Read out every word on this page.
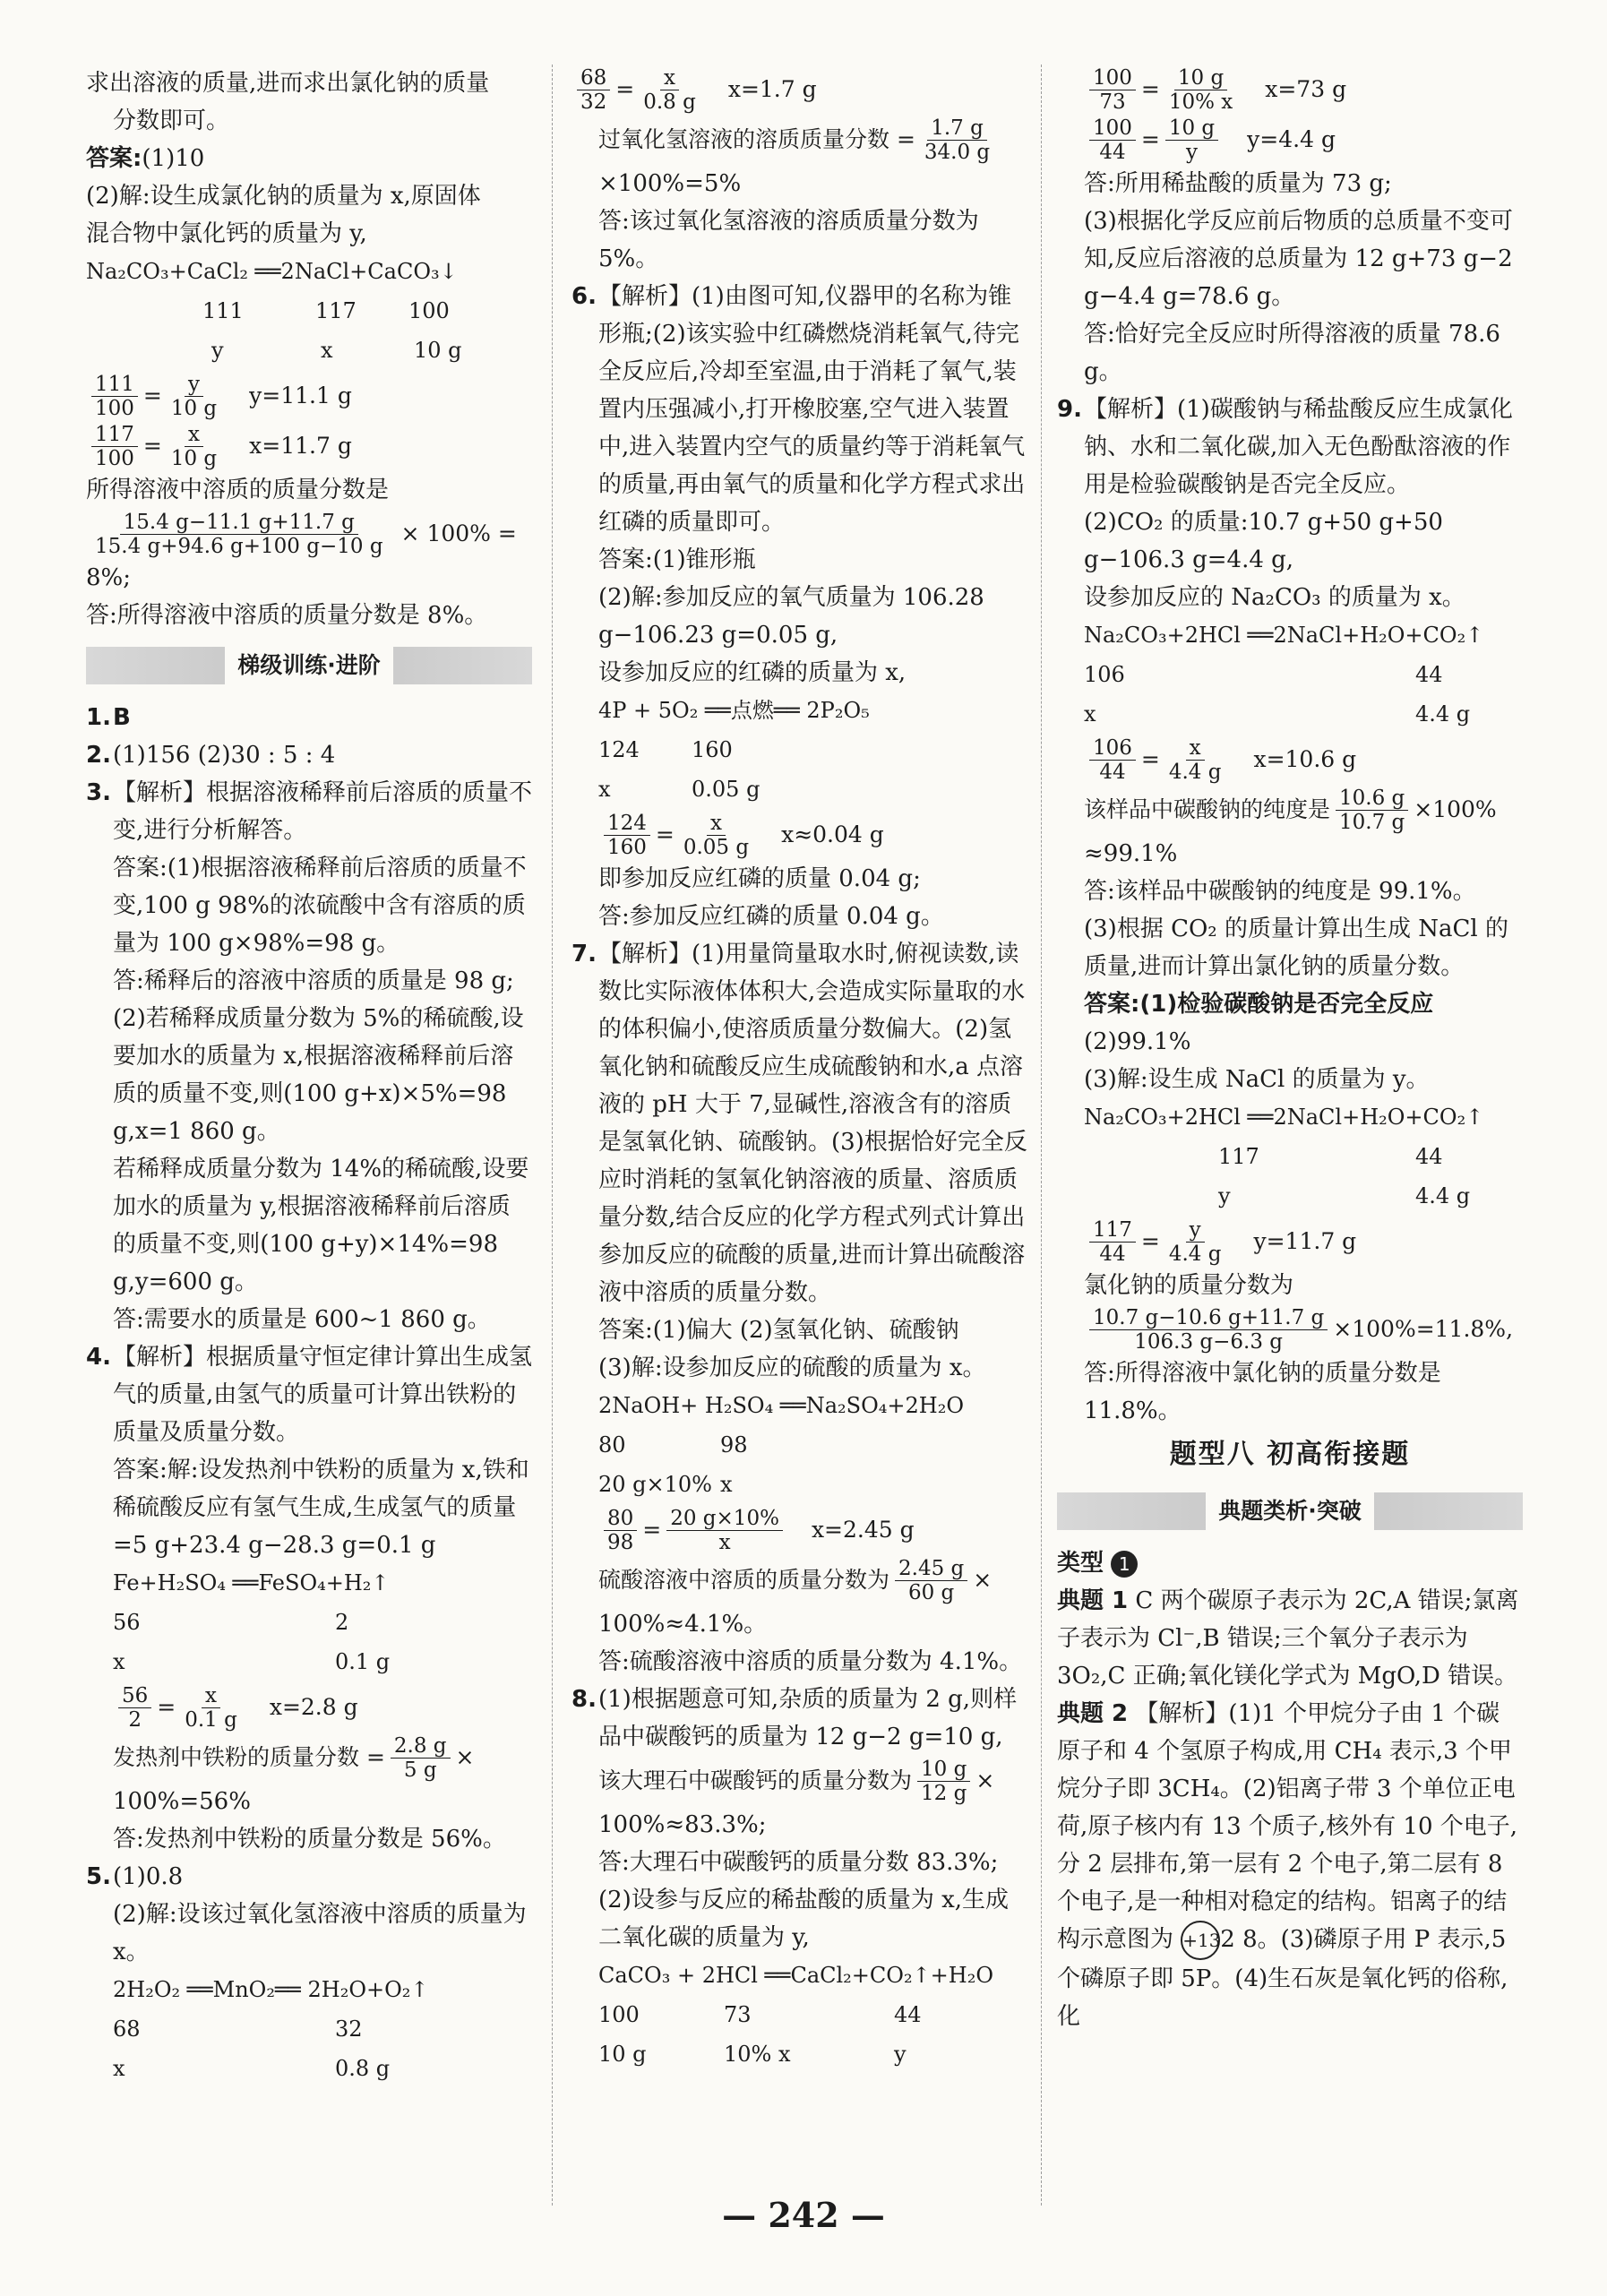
求出溶液的质量,进而求出氯化钠的质量
分数即可。
答案:(1)10
(2)解:设生成氯化钠的质量为 x,原固体
混合物中氯化钙的质量为 y,
Na₂CO₃+CaCl₂ ══2NaCl+CaCO₃↓
111	117 100
y	x	10 g
$\frac{111}{100} = \frac{y}{10 g} y=11.1$ g
$\frac{117}{100} = \frac{x}{10 g} x=11.7$ g
所得溶液中溶质的质量分数是
$\frac{15.4 g-11.1 g+11.7 g}{15.4 g+94.6 g+100 g-10 g} \times 100\%$ =
8%;
答:所得溶液中溶质的质量分数是 8%。
梯级训练·进阶
1. B
2. (1)156 (2)30 : 5 : 4
3. 【解析】根据溶液稀释前后溶质的质量不变,进行分析解答。
答案:(1)根据溶液稀释前后溶质的质量不变,100 g 98%的浓硫酸中含有溶质的质量为 100 g×98%=98 g。
答:稀释后的溶液中溶质的质量是 98 g;
(2)若稀释成质量分数为 5%的稀硫酸,设要加水的质量为 x,根据溶液稀释前后溶质的质量不变,则(100 g+x)×5%=98 g,x=1 860 g。
若稀释成质量分数为 14%的稀硫酸,设要加水的质量为 y,根据溶液稀释前后溶质的质量不变,则(100 g+y)×14%=98 g,y=600 g。
答:需要水的质量是 600~1 860 g。
4. 【解析】根据质量守恒定律计算出生成氢气的质量,由氢气的质量可计算出铁粉的质量及质量分数。
答案:解:设发热剂中铁粉的质量为 x,铁和稀硫酸反应有氢气生成,生成氢气的质量=5 g+23.4 g−28.3 g=0.1 g
Fe+H₂SO₄ ══FeSO₄+H₂↑
56	2
x	0.1 g
$\frac{56}{2} = \frac{x}{0.1 g} x=2.8$ g
发热剂中铁粉的质量分数 = $\frac{2.8 g}{5 g}$ ×
100%=56%
答:发热剂中铁粉的质量分数是 56%。
5. (1)0.8
(2)解:设该过氧化氢溶液中溶质的质量为 x。
2H₂O₂ ══MnO₂══ 2H₂O+O₂↑
68	32
x	0.8 g
$\frac{68}{32} = \frac{x}{0.8 g} x=1.7$ g
过氧化氢溶液的溶质质量分数 = $\frac{1.7 g}{34.0 g}$
×100%=5%
答:该过氧化氢溶液的溶质质量分数为 5%。
6. 【解析】(1)由图可知,仪器甲的名称为锥形瓶;(2)该实验中红磷燃烧消耗氧气,待完全反应后,冷却至室温,由于消耗了氧气,装置内压强减小,打开橡胶塞,空气进入装置中,进入装置内空气的质量约等于消耗氧气的质量,再由氧气的质量和化学方程式求出红磷的质量即可。
答案:(1)锥形瓶
(2)解:参加反应的氧气质量为 106.28 g−106.23 g=0.05 g,
设参加反应的红磷的质量为 x,
4P + 5O₂ ══点燃══ 2P₂O₅
124 160
x	0.05 g
$\frac{124}{160} = \frac{x}{0.05 g} x\approx 0.04$ g
即参加反应红磷的质量 0.04 g;
答:参加反应红磷的质量 0.04 g。
7. 【解析】(1)用量筒量取水时,俯视读数,读数比实际液体体积大,会造成实际量取的水的体积偏小,使溶质质量分数偏大。(2)氢氧化钠和硫酸反应生成硫酸钠和水,a 点溶液的 pH 大于 7,显碱性,溶液含有的溶质是氢氧化钠、硫酸钠。(3)根据恰好完全反应时消耗的氢氧化钠溶液的质量、溶质质量分数,结合反应的化学方程式列式计算出参加反应的硫酸的质量,进而计算出硫酸溶液中溶质的质量分数。
答案:(1)偏大 (2)氢氧化钠、硫酸钠
(3)解:设参加反应的硫酸的质量为 x。
2NaOH+ H₂SO₄ ══Na₂SO₄+2H₂O
80	98
20 g×10% x
$\frac{80}{98} = \frac{20 g\times 10\%}{x} x=2.45$ g
硫酸溶液中溶质的质量分数为 $\frac{2.45 g}{60 g}$ ×
100%≈4.1%。
答:硫酸溶液中溶质的质量分数为 4.1%。
8. (1)根据题意可知,杂质的质量为 2 g,则样品中碳酸钙的质量为 12 g−2 g=10 g,
该大理石中碳酸钙的质量分数为 $\frac{10 g}{12 g}$ ×
100%≈83.3%;
答:大理石中碳酸钙的质量分数 83.3%;
(2)设参与反应的稀盐酸的质量为 x,生成二氧化碳的质量为 y,
CaCO₃ + 2HCl ══CaCl₂+CO₂↑+H₂O
100	73	44
10 g	10% x	y
$\frac{100}{73} = \frac{10 g}{10\% x} x=73$ g
$\frac{100}{44} = \frac{10 g}{y} y=4.4$ g
答:所用稀盐酸的质量为 73 g;
(3)根据化学反应前后物质的总质量不变可知,反应后溶液的总质量为 12 g+73 g−2 g−4.4 g=78.6 g。
答:恰好完全反应时所得溶液的质量 78.6 g。
9. 【解析】(1)碳酸钠与稀盐酸反应生成氯化钠、水和二氧化碳,加入无色酚酞溶液的作用是检验碳酸钠是否完全反应。
(2)CO₂ 的质量:10.7 g+50 g+50 g−106.3 g=4.4 g,
设参加反应的 Na₂CO₃ 的质量为 x。
Na₂CO₃+2HCl ══2NaCl+H₂O+CO₂↑
106	44
x	4.4 g
$\frac{106}{44} = \frac{x}{4.4 g} x=10.6$ g
该样品中碳酸钠的纯度是 $\frac{10.6 g}{10.7 g} \times 100\%$
≈99.1%
答:该样品中碳酸钠的纯度是 99.1%。
(3)根据 CO₂ 的质量计算出生成 NaCl 的质量,进而计算出氯化钠的质量分数。
答案:(1)检验碳酸钠是否完全反应
(2)99.1%
(3)解:设生成 NaCl 的质量为 y。
Na₂CO₃+2HCl ══2NaCl+H₂O+CO₂↑
117	44
y	4.4 g
$\frac{117}{44} = \frac{y}{4.4 g} y=11.7$ g
氯化钠的质量分数为
$\frac{10.7 g-10.6 g+11.7 g}{106.3 g-6.3 g} \times 100\%=11.8\%$,
答:所得溶液中氯化钠的质量分数是 11.8%。
题型八 初高衔接题
典题类析·突破
类型 1
典题 1 C 两个碳原子表示为 2C,A 错误;氯离子表示为 Cl⁻,B 错误;三个氧分子表示为 3O₂,C 正确;氧化镁化学式为 MgO,D 错误。
典题 2 【解析】(1)1 个甲烷分子由 1 个碳原子和 4 个氢原子构成,用 CH₄ 表示,3 个甲烷分子即 3CH₄。(2)铝离子带 3 个单位正电荷,原子核内有 13 个质子,核外有 10 个电子,分 2 层排布,第一层有 2 个电子,第二层有 8 个电子,是一种相对稳定的结构。铝离子的结构示意图为 +132 8。(3)磷原子用 P 表示,5 个磷原子即 5P。(4)生石灰是氧化钙的俗称,化
— 242 —
